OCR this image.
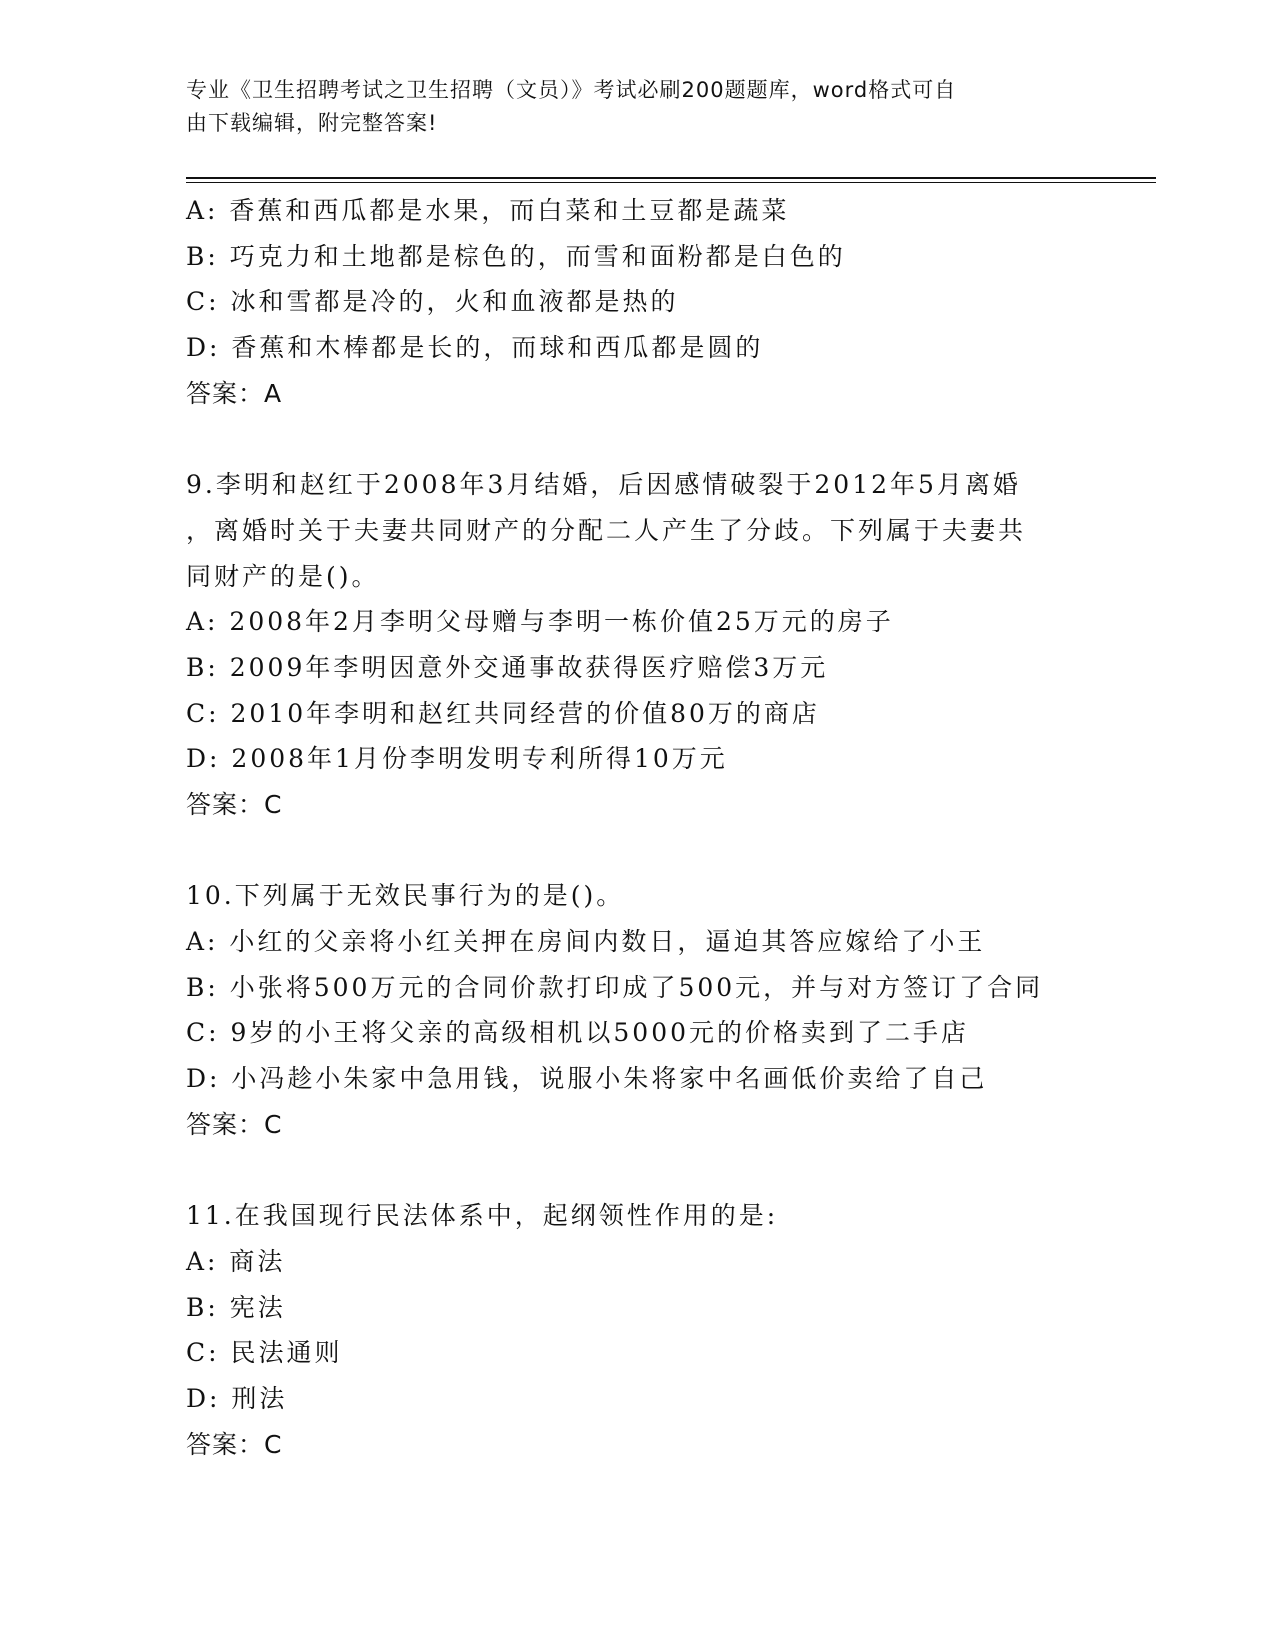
专业《卫生招聘考试之卫生招聘（文员）》考试必刷200题题库，word格式可自
由下载编辑，附完整答案!
A: 香蕉和西瓜都是水果，而白菜和土豆都是蔬菜
B: 巧克力和土地都是棕色的，而雪和面粉都是白色的
C: 冰和雪都是冷的，火和血液都是热的
D: 香蕉和木棒都是长的，而球和西瓜都是圆的
答案：A
9.李明和赵红于2008年3月结婚，后因感情破裂于2012年5月离婚
，离婚时关于夫妻共同财产的分配二人产生了分歧。下列属于夫妻共
同财产的是()。
A: 2008年2月李明父母赠与李明一栋价值25万元的房子
B: 2009年李明因意外交通事故获得医疗赔偿3万元
C: 2010年李明和赵红共同经营的价值80万的商店
D: 2008年1月份李明发明专利所得10万元
答案：C
10.下列属于无效民事行为的是()。
A: 小红的父亲将小红关押在房间内数日，逼迫其答应嫁给了小王
B: 小张将500万元的合同价款打印成了500元，并与对方签订了合同
C: 9岁的小王将父亲的高级相机以5000元的价格卖到了二手店
D: 小冯趁小朱家中急用钱，说服小朱将家中名画低价卖给了自己
答案：C
11.在我国现行民法体系中，起纲领性作用的是:
A: 商法
B: 宪法
C: 民法通则
D: 刑法
答案：C
